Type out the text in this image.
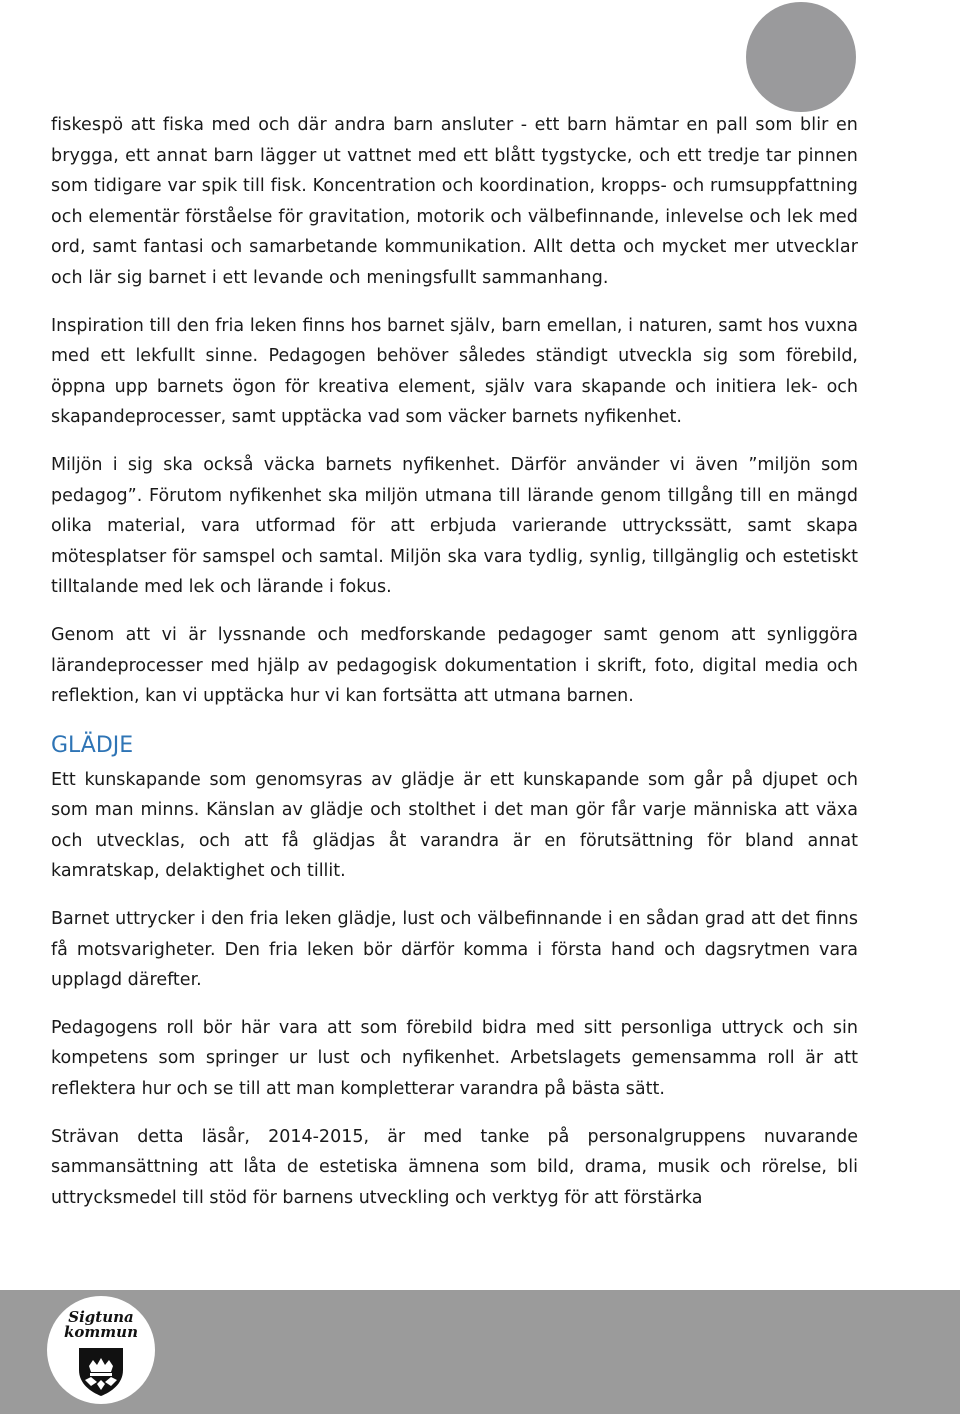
fiskespö att fiska med och där andra barn ansluter - ett barn hämtar en pall som blir en brygga, ett annat barn lägger ut vattnet med ett blått tygstycke, och ett tredje tar pinnen som tidigare var spik till fisk. Koncentration och koordination, kropps- och rumsuppfattning och elementär förståelse för gravitation, motorik och välbefinnande, inlevelse och lek med ord, samt fantasi och samarbetande kommunikation. Allt detta och mycket mer utvecklar och lär sig barnet i ett levande och meningsfullt sammanhang.

Inspiration till den fria leken finns hos barnet själv, barn emellan, i naturen, samt hos vuxna med ett lekfullt sinne. Pedagogen behöver således ständigt utveckla sig som förebild, öppna upp barnets ögon för kreativa element, själv vara skapande och initiera lek- och skapandeprocesser, samt upptäcka vad som väcker barnets nyfikenhet.

Miljön i sig ska också väcka barnets nyfikenhet. Därför använder vi även ”miljön som pedagog”. Förutom nyfikenhet ska miljön utmana till lärande genom tillgång till en mängd olika material, vara utformad för att erbjuda varierande uttryckssätt, samt skapa mötesplatser för samspel och samtal. Miljön ska vara tydlig, synlig, tillgänglig och estetiskt tilltalande med lek och lärande i fokus.

Genom att vi är lyssnande och medforskande pedagoger samt genom att synliggöra lärandeprocesser med hjälp av pedagogisk dokumentation i skrift, foto, digital media och reflektion, kan vi upptäcka hur vi kan fortsätta att utmana barnen.

GLÄDJE

Ett kunskapande som genomsyras av glädje är ett kunskapande som går på djupet och som man minns. Känslan av glädje och stolthet i det man gör får varje människa att växa och utvecklas, och att få glädjas åt varandra är en förutsättning för bland annat kamratskap, delaktighet och tillit.

Barnet uttrycker i den fria leken glädje, lust och välbefinnande i en sådan grad att det finns få motsvarigheter. Den fria leken bör därför komma i första hand och dagsrytmen vara upplagd därefter.

Pedagogens roll bör här vara att som förebild bidra med sitt personliga uttryck och sin kompetens som springer ur lust och nyfikenhet. Arbetslagets gemensamma roll är att reflektera hur och se till att man kompletterar varandra på bästa sätt.

Strävan detta läsår, 2014-2015, är med tanke på personalgruppens nuvarande sammansättning att låta de estetiska ämnena som bild, drama, musik och rörelse, bli uttrycksmedel till stöd för barnens utveckling och verktyg för att förstärka

Sigtuna
kommun
